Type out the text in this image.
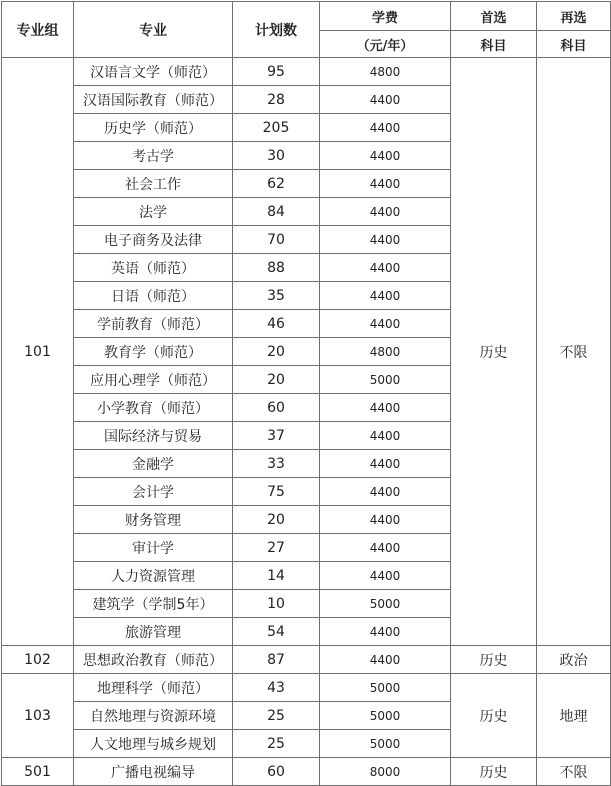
专业组	专业	计划数	学费	首选	再选
			（元/年）	科目	科目
101	汉语言文学（师范）	95	4800	历史	不限
	汉语国际教育（师范）	28	4400		
	历史学（师范）	205	4400		
	考古学	30	4400		
	社会工作	62	4400		
	法学	84	4400		
	电子商务及法律	70	4400		
	英语（师范）	88	4400		
	日语（师范）	35	4400		
	学前教育（师范）	46	4400		
	教育学（师范）	20	4800		
	应用心理学（师范）	20	5000		
	小学教育（师范）	60	4400		
	国际经济与贸易	37	4400		
	金融学	33	4400		
	会计学	75	4400		
	财务管理	20	4400		
	审计学	27	4400		
	人力资源管理	14	4400		
	建筑学（学制5年）	10	5000		
	旅游管理	54	4400		
102	思想政治教育（师范）	87	4400	历史	政治
103	地理科学（师范）	43	5000	历史	地理
	自然地理与资源环境	25	5000		
	人文地理与城乡规划	25	5000		
501	广播电视编导	60	8000	历史	不限
